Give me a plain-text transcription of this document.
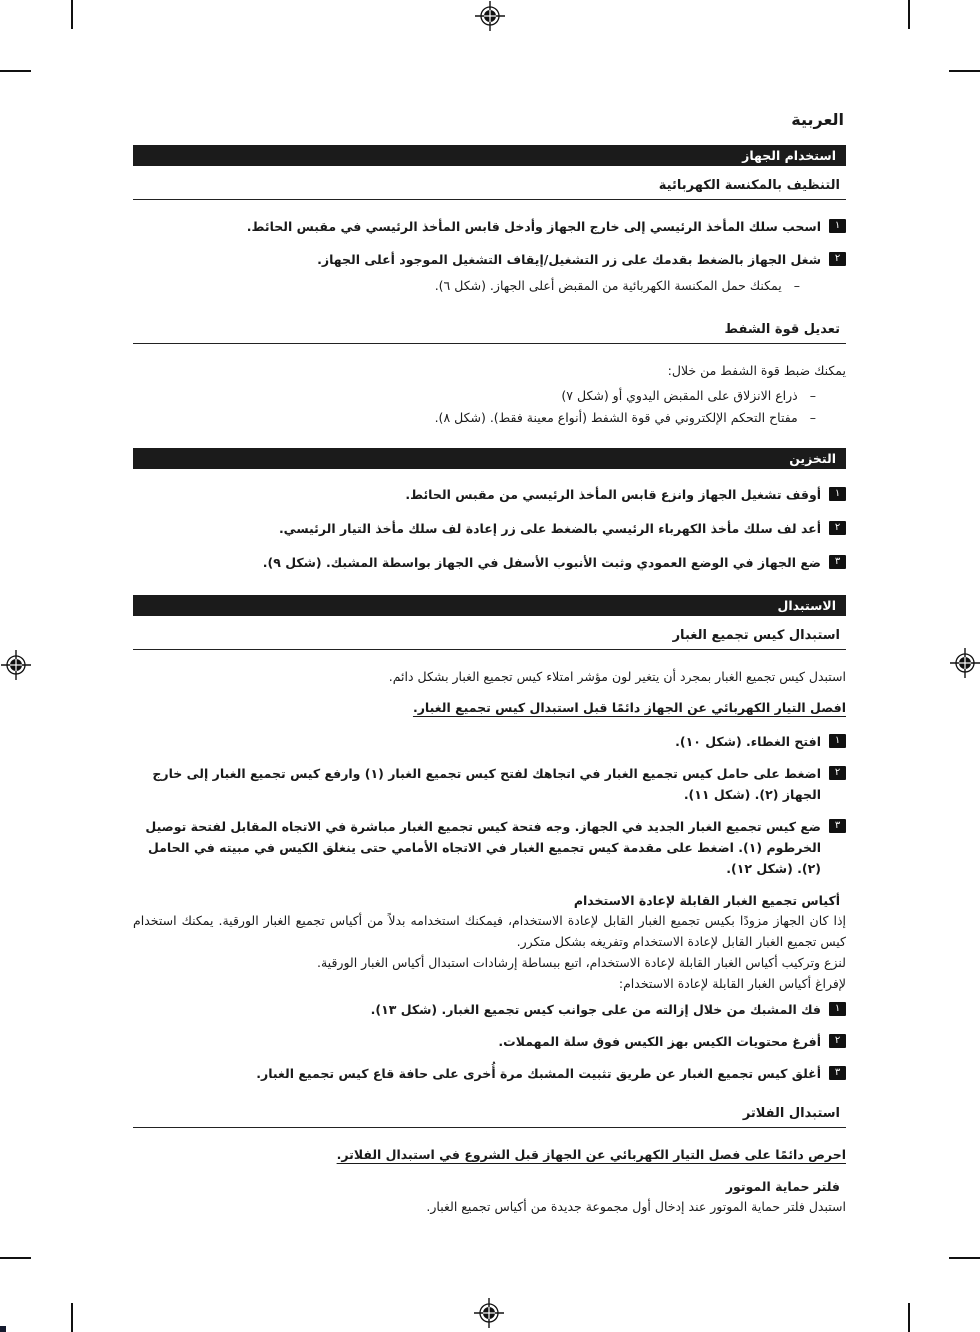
العربية
استخدام الجهاز
التنظيف بالمكنسة الكهربائية
١
اسحب سلك المأخذ الرئيسي إلى خارج الجهاز وأدخل قابس المأخذ الرئيسي في مقبس الحائط.
٢
شغل الجهاز بالضغط بقدمك على زر التشغيل/إيقاف التشغيل الموجود أعلى الجهاز.
–
يمكنك حمل المكنسة الكهربائية من المقبض أعلى الجهاز. (شكل ٦).
تعديل قوة الشفط

يمكنك ضبط قوة الشفط من خلال:

–
ذراع الانزلاق على المقبض اليدوي أو (شكل ٧)
–
مفتاح التحكم الإلكتروني في قوة الشفط (أنواع معينة فقط). (شكل ٨).
التخزين
١
أوقف تشغيل الجهاز وانزع قابس المأخذ الرئيسي من مقبس الحائط.
٢
أعد لف سلك مأخذ الكهرباء الرئيسي بالضغط على زر إعادة لف سلك مأخذ التيار الرئيسي.
٣
ضع الجهاز في الوضع العمودي وثبت الأنبوب الأسفل في الجهاز بواسطة المشبك. (شكل ٩).
الاستبدال
استبدال كيس تجميع الغبار

استبدل كيس تجميع الغبار بمجرد أن يتغير لون مؤشر امتلاء كيس تجميع الغبار بشكل دائم.

افصل التيار الكهربائي عن الجهاز دائمًا قبل استبدال كيس تجميع الغبار.

١
افتح الغطاء. (شكل ١٠).
٢
اضغط على حامل كيس تجميع الغبار في اتجاهك لفتح كيس تجميع الغبار (١) وارفع كيس تجميع الغبار إلى خارج الجهاز (٢). (شكل ١١).
٣
ضع كيس تجميع الغبار الجديد في الجهاز. وجه فتحة كيس تجميع الغبار مباشرة في الاتجاه المقابل لفتحة توصيل الخرطوم (١). اضغط على مقدمة كيس تجميع الغبار في الاتجاه الأمامي حتى ينغلق الكيس في مبيته في الحامل (٢). (شكل ١٢).
أكياس تجميع الغبار القابلة لإعادة الاستخدام

إذا كان الجهاز مزودًا بكيس تجميع الغبار القابل لإعادة الاستخدام، فيمكنك استخدامه بدلاً من أكياس تجميع الغبار الورقية. يمكنك استخدام كيس تجميع الغبار القابل لإعادة الاستخدام وتفريغه بشكل متكرر.

لنزع وتركيب أكياس الغبار القابلة لإعادة الاستخدام، اتبع ببساطة إرشادات استبدال أكياس الغبار الورقية.

لإفراغ أكياس الغبار القابلة لإعادة الاستخدام:

١
فك المشبك من خلال إزالته من على جوانب كيس تجميع الغبار. (شكل ١٣).
٢
أفرغ محتويات الكيس بهز الكيس فوق سلة المهملات.
٣
أغلق كيس تجميع الغبار عن طريق تثبيت المشبك مرة أُخرى على حافة قاع كيس تجميع الغبار.
استبدال الفلاتر

احرص دائمًا على فصل التيار الكهربائي عن الجهاز قبل الشروع في استبدال الفلاتر.

فلتر حماية الموتور

استبدل فلتر حماية الموتور عند إدخال أول مجموعة جديدة من أكياس تجميع الغبار.
